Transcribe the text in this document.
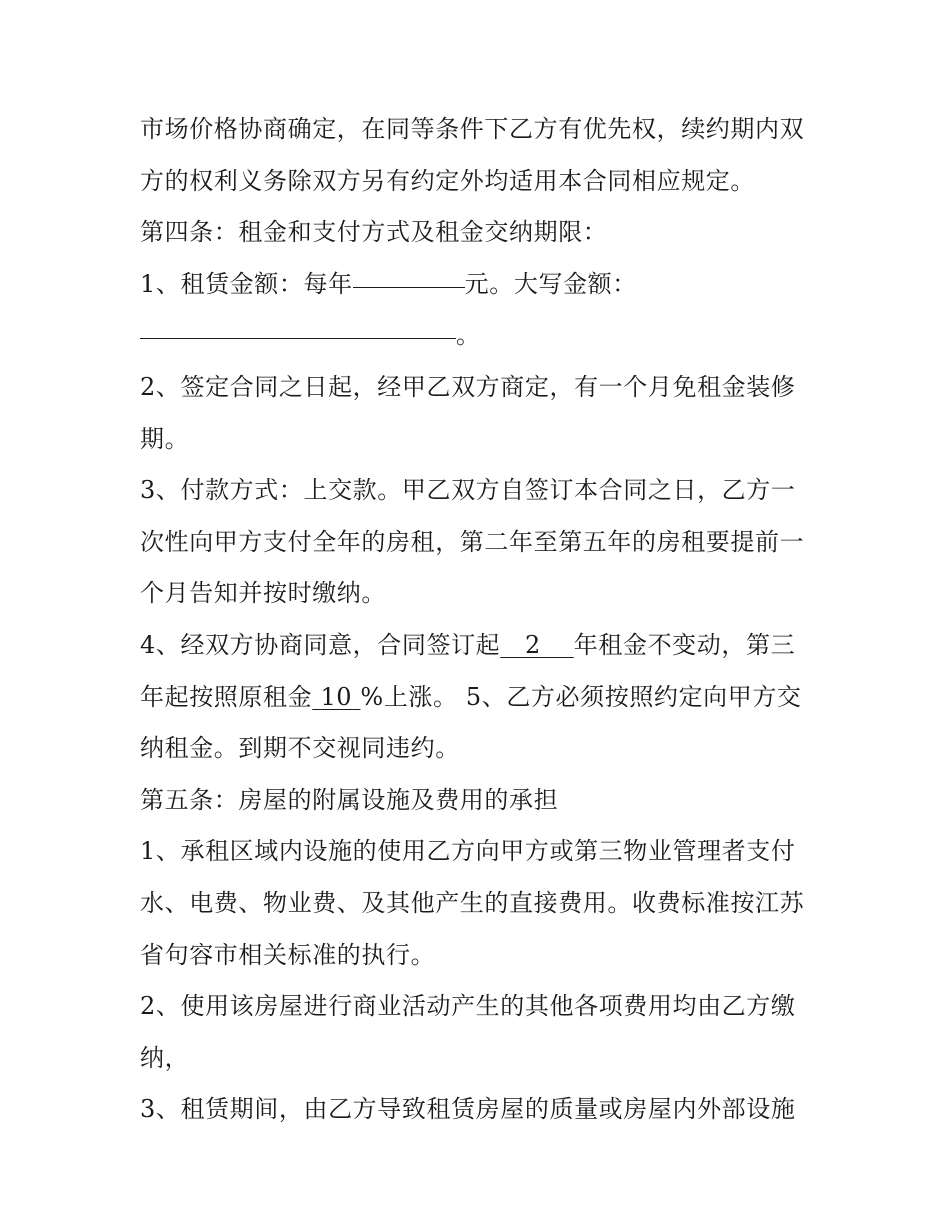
市场价格协商确定，在同等条件下乙方有优先权，续约期内双
方的权利义务除双方另有约定外均适用本合同相应规定。
第四条：租金和支付方式及租金交纳期限：
1、租赁金额：每年	元。大写金额：
。
2、签定合同之日起，经甲乙双方商定，有一个月免租金装修
期。
3、付款方式：上交款。甲乙双方自签订本合同之日，乙方一
次性向甲方支付全年的房租，第二年至第五年的房租要提前一
个月告知并按时缴纳。
4、经双方协商同意，合同签订起 2 年租金不变动，第三
年起按照原租金 10 %上涨。 5、乙方必须按照约定向甲方交
纳租金。到期不交视同违约。
第五条：房屋的附属设施及费用的承担
1、承租区域内设施的使用乙方向甲方或第三物业管理者支付
水、电费、物业费、及其他产生的直接费用。收费标准按江苏
省句容市相关标准的执行。
2、使用该房屋进行商业活动产生的其他各项费用均由乙方缴
纳，
3、租赁期间，由乙方导致租赁房屋的质量或房屋内外部设施
